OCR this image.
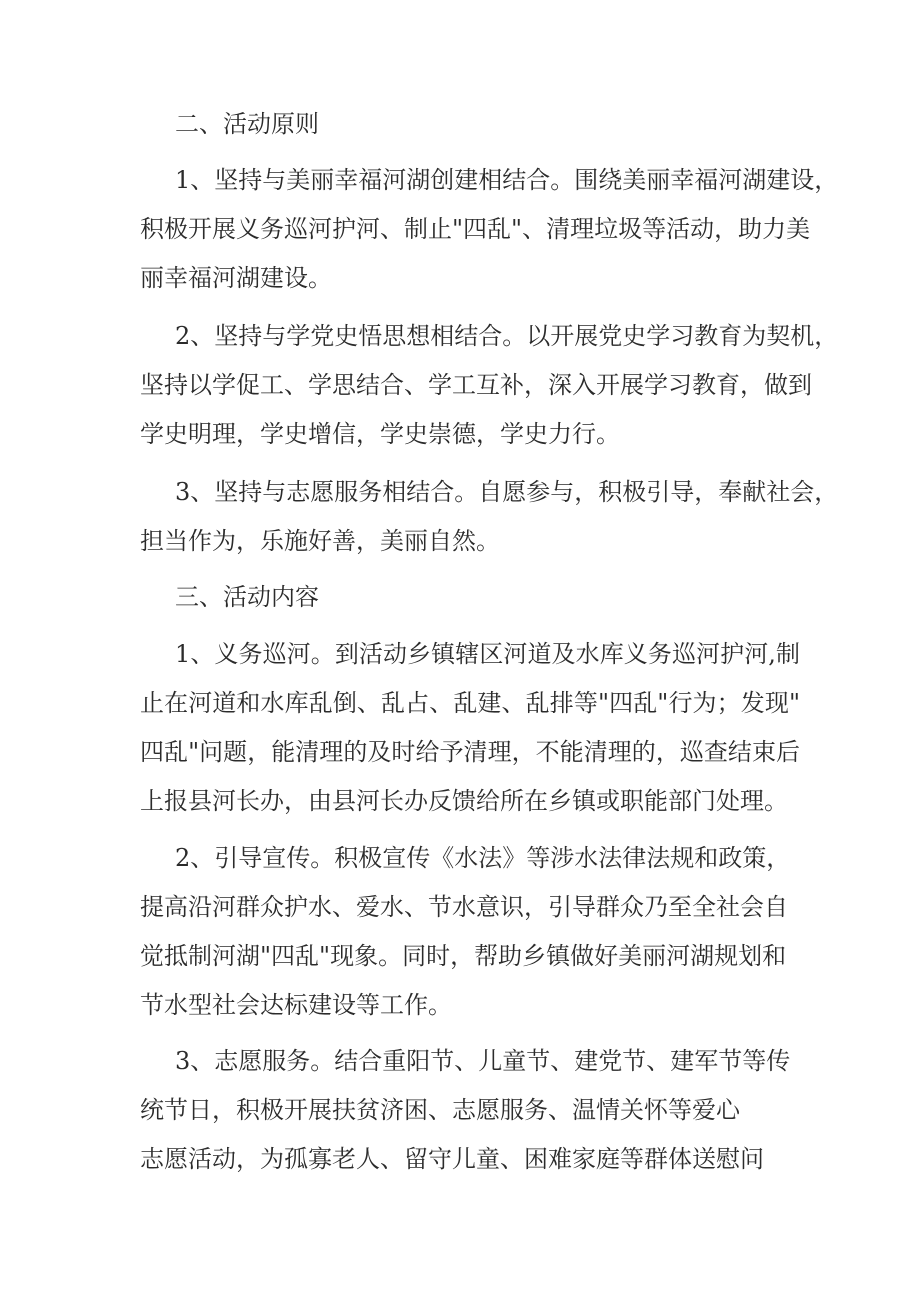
二、活动原则
1、坚持与美丽幸福河湖创建相结合。围绕美丽幸福河湖建设，
积极开展义务巡河护河、制止"四乱"、清理垃圾等活动，助力美
丽幸福河湖建设。
2、坚持与学党史悟思想相结合。以开展党史学习教育为契机，
坚持以学促工、学思结合、学工互补，深入开展学习教育，做到
学史明理，学史增信，学史崇德，学史力行。
3、坚持与志愿服务相结合。自愿参与，积极引导，奉献社会，
担当作为，乐施好善，美丽自然。
三、活动内容
1、义务巡河。到活动乡镇辖区河道及水库义务巡河护河,制
止在河道和水库乱倒、乱占、乱建、乱排等"四乱"行为；发现"
四乱"问题，能清理的及时给予清理，不能清理的，巡查结束后
上报县河长办，由县河长办反馈给所在乡镇或职能部门处理。
2、引导宣传。积极宣传《水法》等涉水法律法规和政策，
提高沿河群众护水、爱水、节水意识，引导群众乃至全社会自
觉抵制河湖"四乱"现象。同时，帮助乡镇做好美丽河湖规划和
节水型社会达标建设等工作。
3、志愿服务。结合重阳节、儿童节、建党节、建军节等传
统节日，积极开展扶贫济困、志愿服务、温情关怀等爱心
志愿活动，为孤寡老人、留守儿童、困难家庭等群体送慰问
